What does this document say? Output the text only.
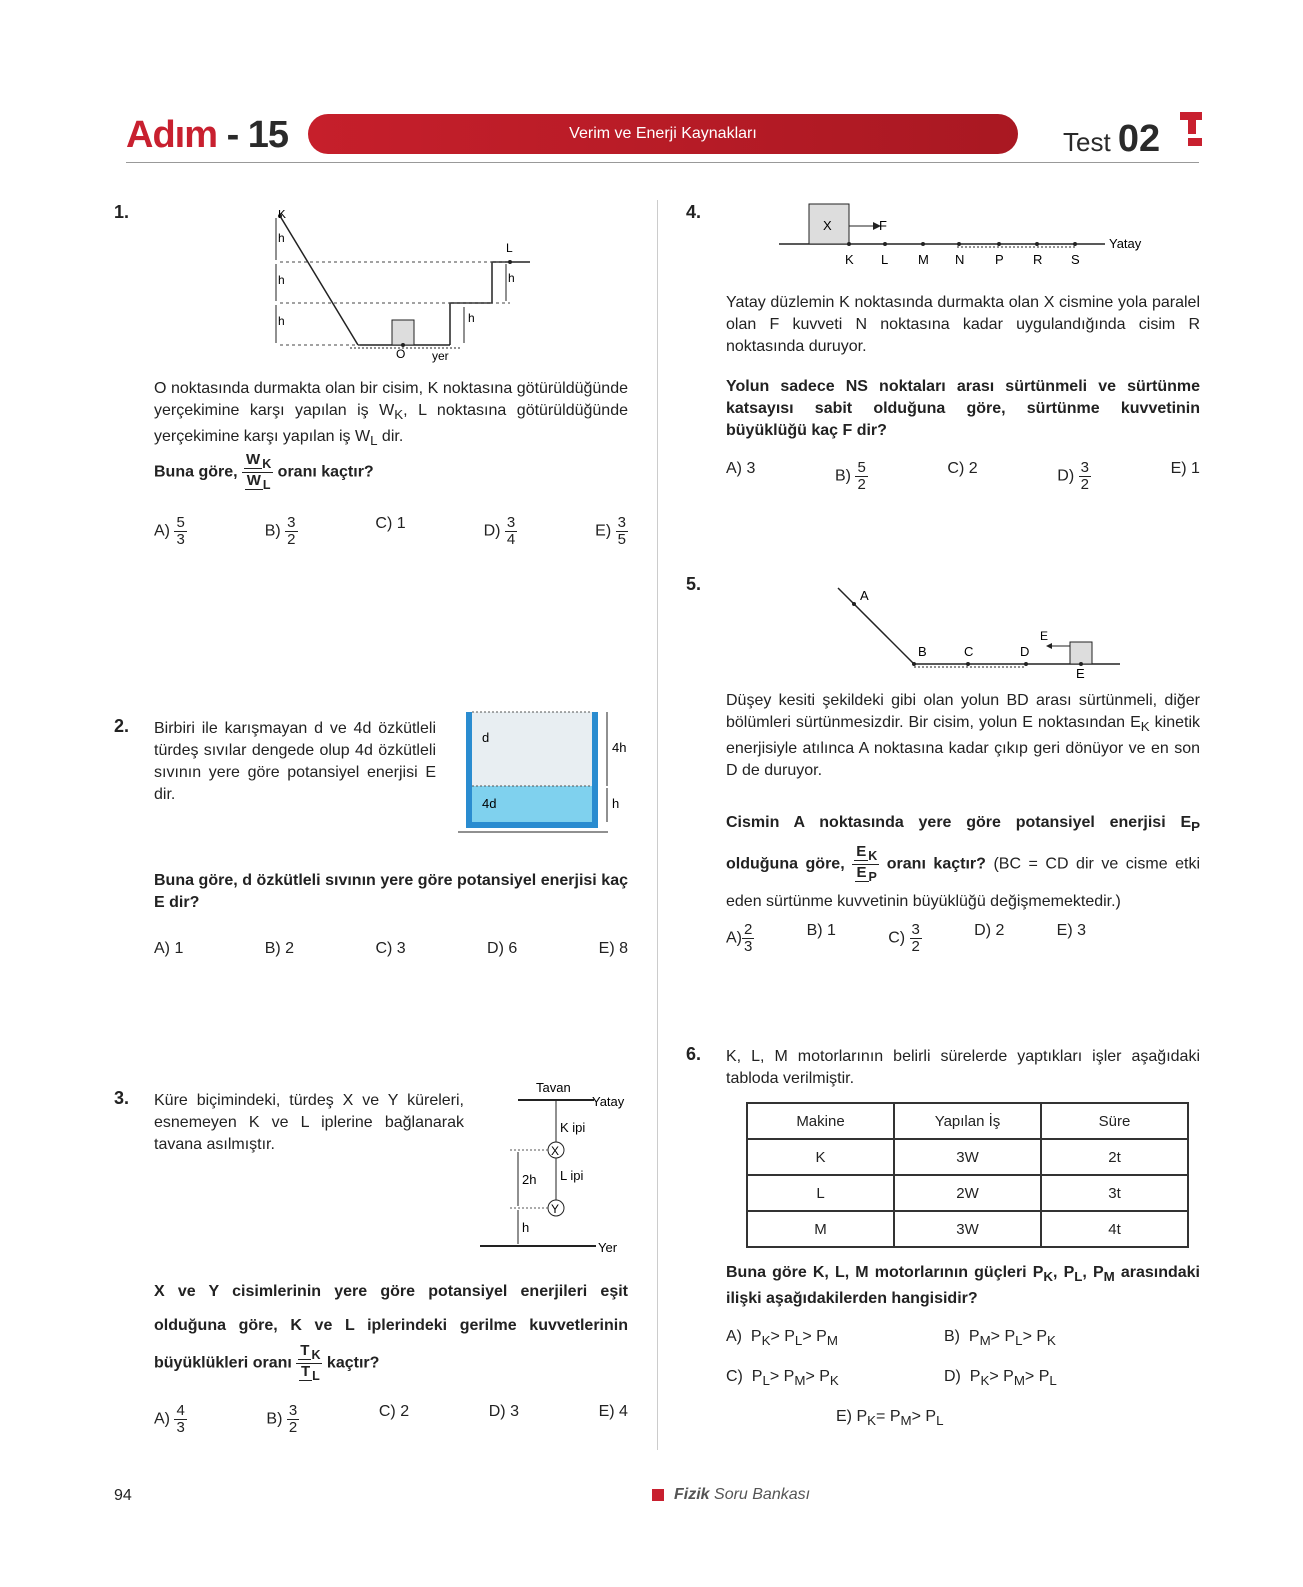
Adım - 15	Verim ve Enerji Kaynakları	Test 02
1.	K
L
h
h
h	h
h
O yer
O noktasında durmakta olan bir cisim, K noktasına götürüldüğünde yerçekimine karşı yapılan iş $W_K$, L noktasına götürüldüğünde yerçekimine karşı yapılan iş $W_L$ dir.
Buna göre, $\frac{W _K}{W _L}$ oranı kaçtır?
$A) \frac{5}{3}$	$B) \frac{3}{2}$	C) 1	$D) \frac{3}{4}$	$E) \frac{3}{5}$
2. Birbiri ile karışmayan d ve 4d özkütleli türdeş sıvılar dengede olup 4d özkütleli sıvının yere göre potansiyel enerjisi E dir.
d
4d
4h
h
Buna göre, d özkütleli sıvının yere göre potansiyel enerjisi kaç E dir?
A) 1	B) 2	C) 3	D) 6	E) 8
3. Küre biçimindeki, türdeş X ve Y küreleri, esnemeyen K ve L iplerine bağlanarak tavana asılmıştır.
Tavan
Yatay
K ipi
L ipi
X
Y
2h
h
Yer
X ve Y cisimlerinin yere göre potansiyel enerjileri eşit olduğuna göre, K ve L iplerindeki gerilme kuvvetlerinin büyüklükleri oranı $\frac{T _K}{T _L}$ kaçtır?
$A) \frac{4}{3}$	$B) \frac{3}{2}$	C) 2	D) 3	E) 4
4.
X	F
Yatay
K L M N P R S
Yatay düzlemin K noktasında durmakta olan X cismine yola paralel olan F kuvveti N noktasına kadar uygulandığında cisim R noktasında duruyor.
Yolun sadece NS noktaları arası sürtünmeli ve sürtünme katsayısı sabit olduğuna göre, sürtünme kuvvetinin büyüklüğü kaç F dir?
A) 3	$B) \frac{5}{2}$	C) 2	$D) \frac{3}{2}$	E) 1
5.
A
B	C	D
E
E
Düşey kesiti şekildeki gibi olan yolun BD arası sürtünmeli, diğer bölümleri sürtünmesizdir. Bir cisim, yolun E noktasından $E_K$ kinetik enerjisiyle atılınca A noktasına kadar çıkıp geri dönüyor ve en son D de duruyor.
Cismin A noktasında yere göre potansiyel enerjisi $E_P$ olduğuna göre, $\frac{E _K}{E _P}$ oranı kaçtır? (BC = CD dir ve cisme etki eden sürtünme kuvvetinin büyüklüğü değişmemektedir.)
$A) \frac{2}{3}$	B) 1	$C) \frac{3}{2}$	D) 2	E) 3
6. K, L, M motorlarının belirli sürelerde yaptıkları işler aşağıdaki tabloda verilmiştir.
Makine	Yapılan İş	Süre
K	3W	2t
L	2W	3t
M	3W	4t
Buna göre K, L, M motorlarının güçleri $P_K$, $P_L$, $P_M$ arasındaki ilişki aşağıdakilerden hangisidir?
A)  $P_K> P_L> P_M$	B)  $P_M> P_L> P_K$
C)  $P_L> P_M> P_K$	D)  $P_K> P_M> P_L$
E) $P_K= P_M> P_L$
94	Fizik Soru Bankası
